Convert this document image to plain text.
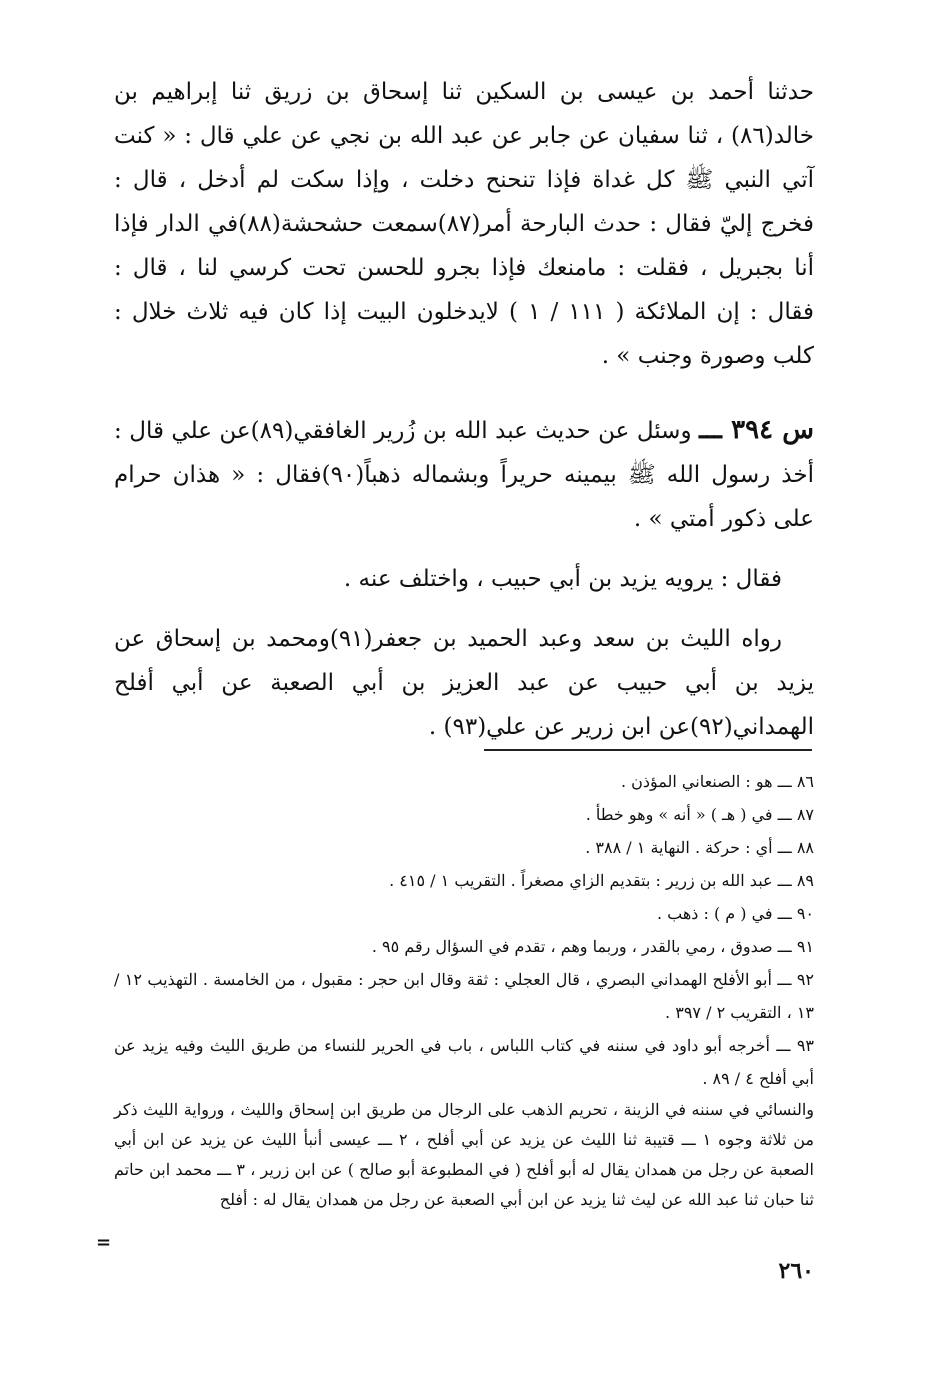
حدثنا أحمد بن عيسى بن السكين ثنا إسحاق بن زريق ثنا إبراهيم بن خالد(٨٦) ، ثنا سفيان عن جابر عن عبد الله بن نجي عن علي قال : « كنت آتي النبي ﷺ كل غداة فإذا تنحنح دخلت ، وإذا سكت لم أدخل ، قال : فخرج إليّ فقال : حدث البارحة أمر(٨٧)سمعت حشحشة(٨٨)في الدار فإذا أنا بجبريل ، فقلت : مامنعك فإذا بجرو للحسن تحت كرسي لنا ، قال : فقال : إن الملائكة ( ١١١ / ١ ) لايدخلون البيت إذا كان فيه ثلاث خلال : كلب وصورة وجنب » .

س ٣٩٤ ـــ وسئل عن حديث عبد الله بن زُرير الغافقي(٨٩)عن علي قال : أخذ رسول الله ﷺ بيمينه حريراً وبشماله ذهباً(٩٠)فقال : « هذان حرام على ذكور أمتي » .

فقال : يرويه يزيد بن أبي حبيب ، واختلف عنه .

رواه الليث بن سعد وعبد الحميد بن جعفر(٩١)ومحمد بن إسحاق عن يزيد بن أبي حبيب عن عبد العزيز بن أبي الصعبة عن أبي أفلح الهمداني(٩٢)عن ابن زرير عن علي(٩٣) .

٨٦ ـــ هو : الصنعاني المؤذن .

٨٧ ـــ في ( هـ ) « أنه » وهو خطأ .

٨٨ ـــ أي : حركة . النهاية ١ / ٣٨٨ .

٨٩ ـــ عبد الله بن زرير : بتقديم الزاي مصغراً . التقريب ١ / ٤١٥ .

٩٠ ـــ في ( م ) : ذهب .

٩١ ـــ صدوق ، رمي بالقدر ، وربما وهم ، تقدم في السؤال رقم ٩٥ .

٩٢ ـــ أبو الأفلح الهمداني البصري ، قال العجلي : ثقة وقال ابن حجر : مقبول ، من الخامسة . التهذيب ١٢ / ١٣ ، التقريب ٢ / ٣٩٧ .

٩٣ ـــ أخرجه أبو داود في سننه في كتاب اللباس ، باب في الحرير للنساء من طريق الليث وفيه يزيد عن أبي أفلح ٤ / ٨٩ .

والنسائي في سننه في الزينة ، تحريم الذهب على الرجال من طريق ابن إسحاق والليث ، ورواية الليث ذكر من ثلاثة وجوه ١ ـــ قتيبة ثنا الليث عن يزيد عن أبي أفلح ، ٢ ـــ عيسى أنبأ الليث عن يزيد عن ابن أبي الصعبة عن رجل من همدان يقال له أبو أفلح ( في المطبوعة أبو صالح ) عن ابن زرير ، ٣ ـــ محمد ابن حاتم ثنا حبان ثنا عبد الله عن ليث ثنا يزيد عن ابن أبي الصعبة عن رجل من همدان يقال له : أفلح

=
٢٦٠
